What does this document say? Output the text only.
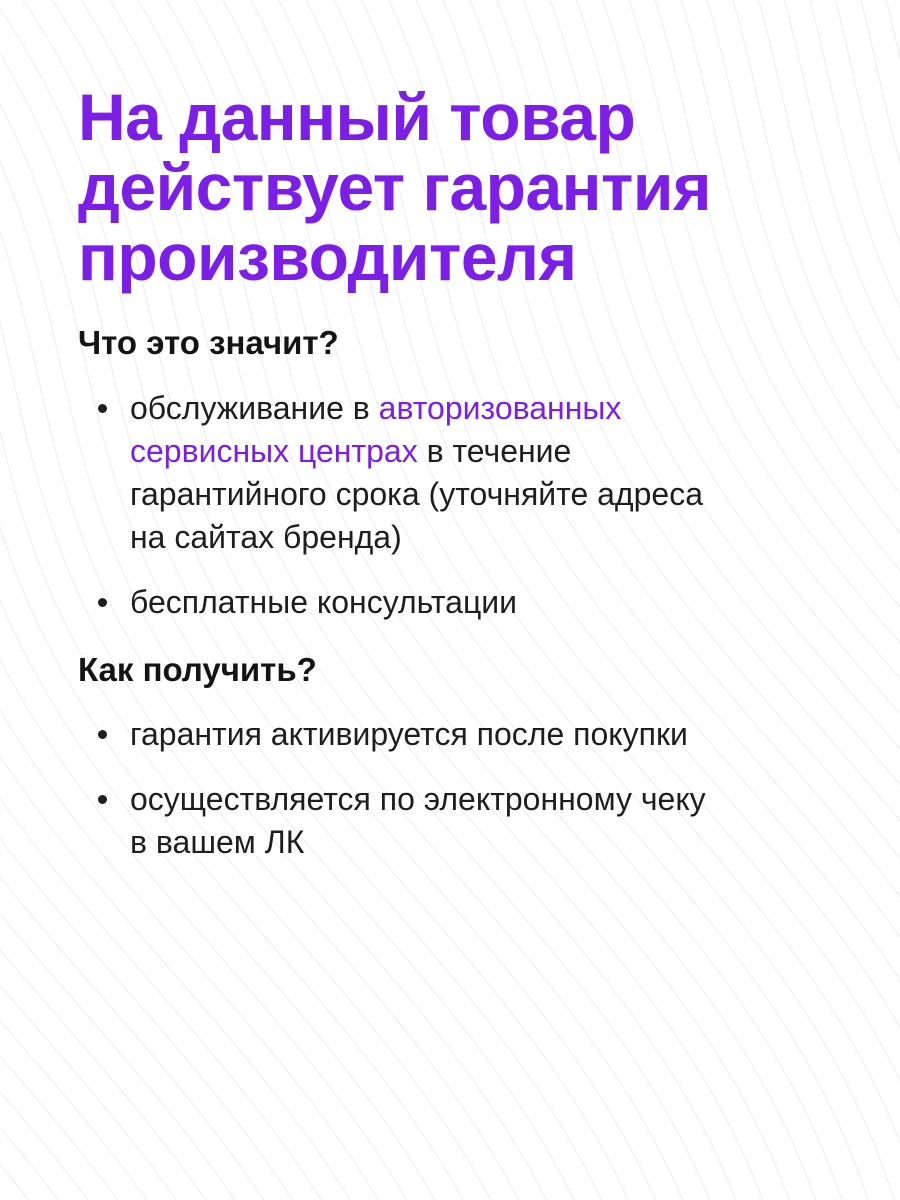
На данный товар
действует гарантия
производителя
Что это значит?
обслуживание в авторизованных
сервисных центрах в течение
гарантийного срока (уточняйте адреса
на сайтах бренда)
бесплатные консультации
Как получить?
гарантия активируется после покупки
осуществляется по электронному чеку
в вашем ЛК
